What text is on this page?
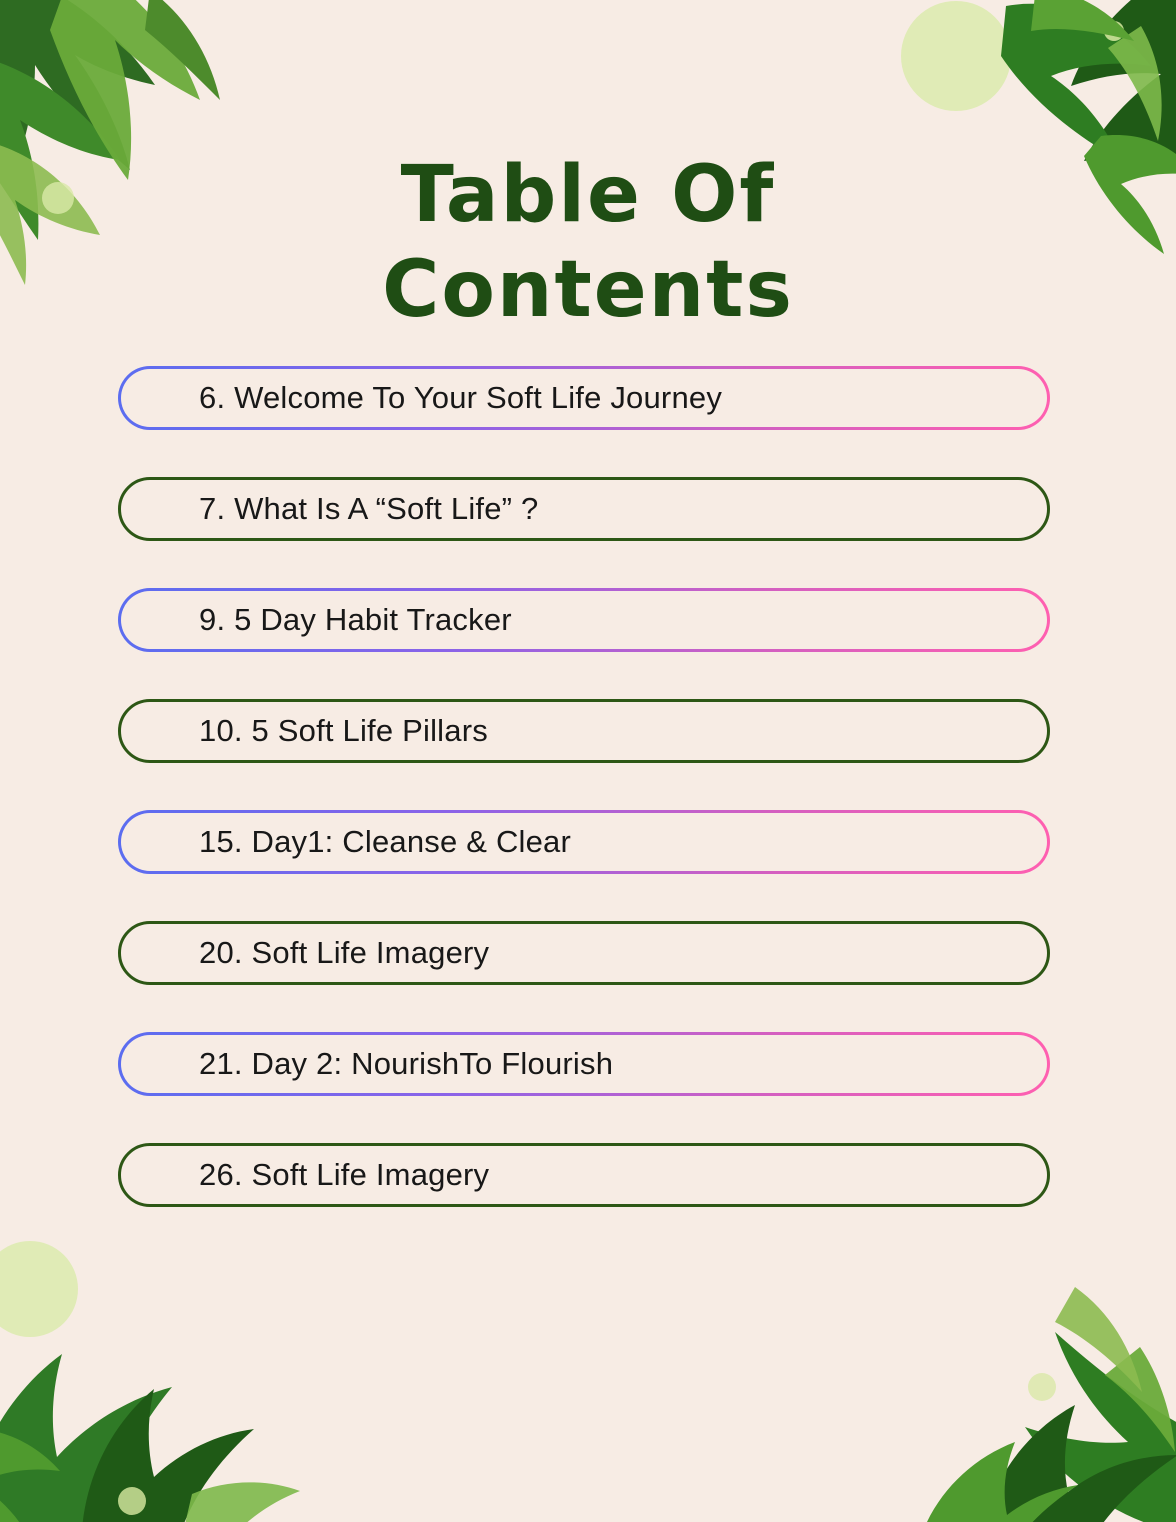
Table Of
Contents
6. Welcome To Your Soft Life Journey
7. What Is A “Soft Life” ?
9. 5 Day Habit Tracker
10. 5 Soft Life Pillars
15. Day1: Cleanse & Clear
20. Soft Life Imagery
21. Day 2: NourishTo Flourish
26. Soft Life Imagery
